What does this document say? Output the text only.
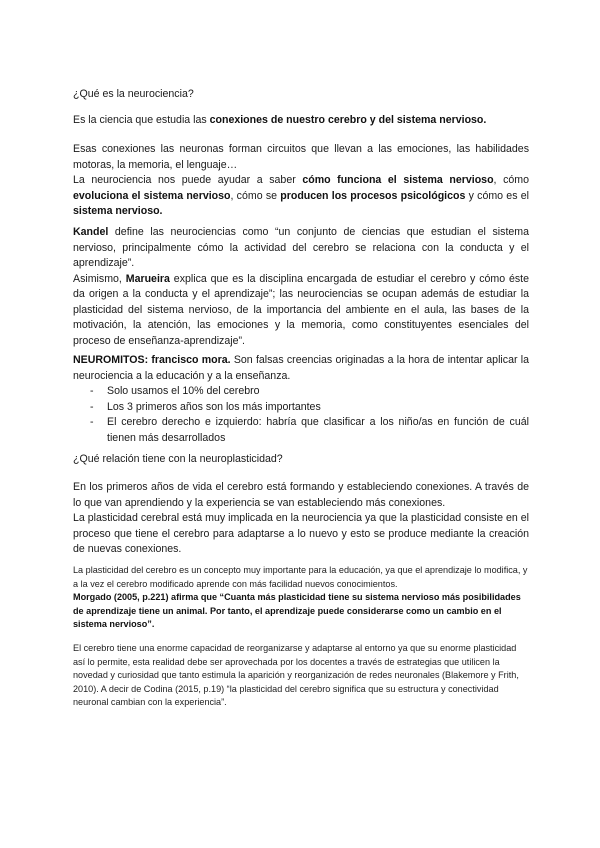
¿Qué es la neurociencia?

Es la ciencia que estudia las conexiones de nuestro cerebro y del sistema nervioso.

Esas conexiones las neuronas forman circuitos que llevan a las emociones, las habilidades motoras, la memoria, el lenguaje…

La neurociencia nos puede ayudar a saber cómo funciona el sistema nervioso, cómo evoluciona el sistema nervioso, cómo se producen los procesos psicológicos y cómo es el sistema nervioso.

Kandel define las neurociencias como “un conjunto de ciencias que estudian el sistema nervioso, principalmente cómo la actividad del cerebro se relaciona con la conducta y el aprendizaje”.

Asimismo, Marueira explica que es la disciplina encargada de estudiar el cerebro y cómo éste da origen a la conducta y el aprendizaje”; las neurociencias se ocupan además de estudiar la plasticidad del sistema nervioso, de la importancia del ambiente en el aula, las bases de la motivación, la atención, las emociones y la memoria, como constituyentes esenciales del proceso de enseñanza-aprendizaje”.

NEUROMITOS: francisco mora. Son falsas creencias originadas a la hora de intentar aplicar la neurociencia a la educación y a la enseñanza.

- Solo usamos el 10% del cerebro
- Los 3 primeros años son los más importantes
- El cerebro derecho e izquierdo: habría que clasificar a los niño/as en función de cuál tienen más desarrollados

¿Qué relación tiene con la neuroplasticidad?

En los primeros años de vida el cerebro está formando y estableciendo conexiones. A través de lo que van aprendiendo y la experiencia se van estableciendo más conexiones.

La plasticidad cerebral está muy implicada en la neurociencia ya que la plasticidad consiste en el proceso que tiene el cerebro para adaptarse a lo nuevo y esto se produce mediante la creación de nuevas conexiones.

La plasticidad del cerebro es un concepto muy importante para la educación, ya que el aprendizaje lo modifica, y a la vez el cerebro modificado aprende con más facilidad nuevos conocimientos.

Morgado (2005, p.221) afirma que “Cuanta más plasticidad tiene su sistema nervioso más posibilidades de aprendizaje tiene un animal. Por tanto, el aprendizaje puede considerarse como un cambio en el sistema nervioso”.

El cerebro tiene una enorme capacidad de reorganizarse y adaptarse al entorno ya que su enorme plasticidad así lo permite, esta realidad debe ser aprovechada por los docentes a través de estrategias que utilicen la novedad y curiosidad que tanto estimula la aparición y reorganización de redes neuronales (Blakemore y Frith, 2010). A decir de Codina (2015, p.19) “la plasticidad del cerebro significa que su estructura y conectividad neuronal cambian con la experiencia”.
